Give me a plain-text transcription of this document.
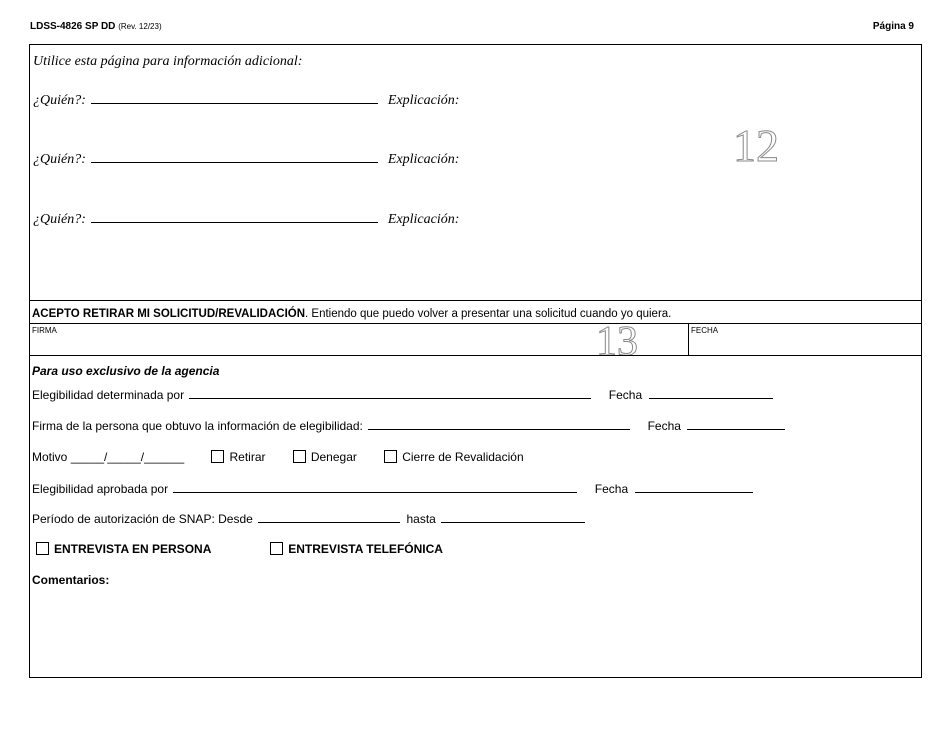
LDSS-4826 SP DD (Rev. 12/23)	Página 9
Utilice esta página para información adicional:
¿Quién?:	Explicación:
¿Quién?:	Explicación:
¿Quién?:	Explicación:
12
ACEPTO RETIRAR MI SOLICITUD/REVALIDACIÓN. Entiendo que puedo volver a presentar una solicitud cuando yo quiera.
FIRMA	FECHA
13
Para uso exclusivo de la agencia
Elegibilidad determinada por	Fecha
Firma de la persona que obtuvo la información de elegibilidad:	Fecha
Motivo _____/_____/______	Retirar	Denegar	Cierre de Revalidación
Elegibilidad aprobada por	Fecha
Período de autorización de SNAP: Desde	hasta
ENTREVISTA EN PERSONA	ENTREVISTA TELEFÓNICA
Comentarios:
